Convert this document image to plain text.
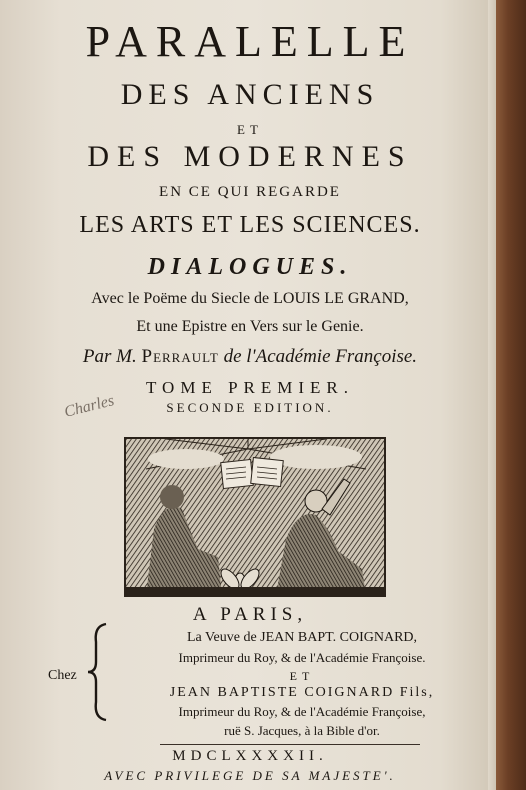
PARALELLE
DES ANCIENS
ET
DES MODERNES
EN CE QUI REGARDE
LES ARTS ET LES SCIENCES.
DIALOGUES.
Avec le Poëme du Siecle de LOUIS LE GRAND,
Et une Epistre en Vers sur le Genie.
Par M. Perrault de l'Académie Françoise.
TOME PREMIER.
SECONDE EDITION.
Charles
A PARIS,
Chez
La Veuve de JEAN BAPT. COIGNARD,
Imprimeur du Roy, & de l'Académie Françoise.
ET
JEAN BAPTISTE COIGNARD Fils,
Imprimeur du Roy, & de l'Académie Françoise,
ruë S. Jacques, à la Bible d'or.
MDCLXXXXII.
AVEC PRIVILEGE DE SA MAJESTE'.
